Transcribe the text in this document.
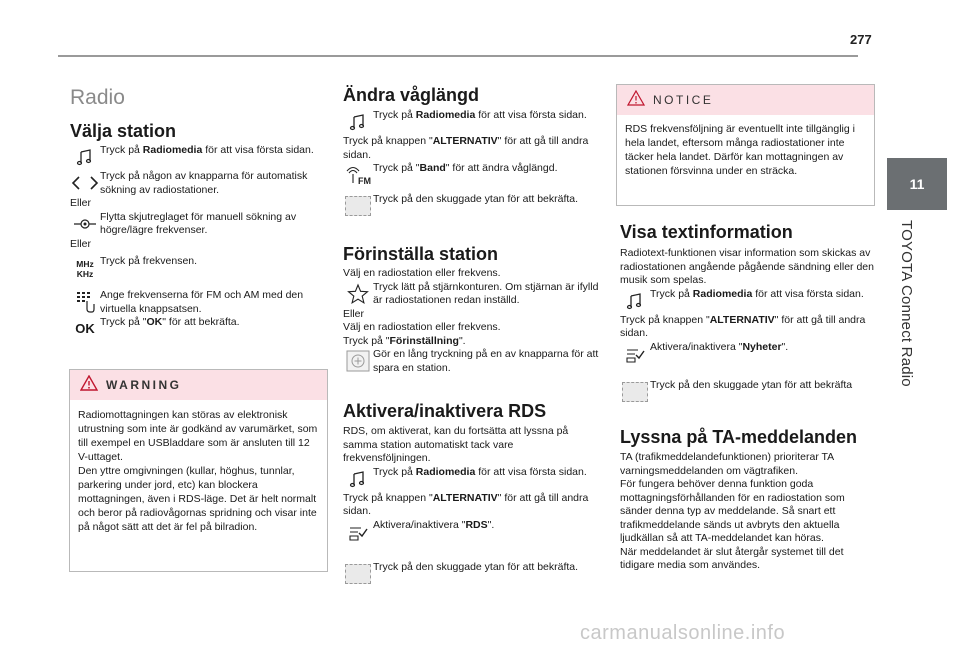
277
11
TOYOTA Connect Radio
Radio
Välja station
Tryck på Radiomedia för att visa första sidan.
Tryck på någon av knapparna för automatisk sökning av radiostationer.
Eller
Flytta skjutreglaget för manuell sökning av högre/lägre frekvenser.
Eller
MHz
KHz
Tryck på frekvensen.
Ange frekvenserna för FM och AM med den virtuella knappsatsen.
OK Tryck på "OK" för att bekräfta.
WARNING
Radiomottagningen kan störas av elektronisk utrustning som inte är godkänd av varumärket, som till exempel en USBladdare som är ansluten till 12 V-uttaget.
Den yttre omgivningen (kullar, höghus, tunnlar, parkering under jord, etc) kan blockera mottagningen, även i RDS-läge. Det är helt normalt och beror på radiovågornas spridning och visar inte på något sätt att det är fel på bilradion.
Ändra våglängd
Tryck på Radiomedia för att visa första sidan.
Tryck på knappen "ALTERNATIV" för att gå till andra sidan.
FM
Tryck på "Band" för att ändra våglängd.
Tryck på den skuggade ytan för att bekräfta.
Förinställa station
Välj en radiostation eller frekvens.
Tryck lätt på stjärnkonturen. Om stjärnan är ifylld är radiostationen redan inställd.
Eller
Välj en radiostation eller frekvens.
Tryck på "Förinställning".
Gör en lång tryckning på en av knapparna för att spara en station.
Aktivera/inaktivera RDS
RDS, om aktiverat, kan du fortsätta att lyssna på samma station automatiskt tack vare frekvensföljningen.
Tryck på Radiomedia för att visa första sidan.
Tryck på knappen "ALTERNATIV" för att gå till andra sidan.
Aktivera/inaktivera "RDS".
Tryck på den skuggade ytan för att bekräfta.
NOTICE
RDS frekvensföljning är eventuellt inte tillgänglig i hela landet, eftersom många radiostationer inte täcker hela landet. Därför kan mottagningen av stationen försvinna under en sträcka.
Visa textinformation
Radiotext-funktionen visar information som skickas av radiostationen angående pågående sändning eller den musik som spelas.
Tryck på Radiomedia för att visa första sidan.
Tryck på knappen "ALTERNATIV" för att gå till andra sidan.
Aktivera/inaktivera "Nyheter".
Tryck på den skuggade ytan för att bekräfta
Lyssna på TA-meddelanden
TA (trafikmeddelandefunktionen) prioriterar TA varningsmeddelanden om vägtrafiken.
För fungera behöver denna funktion goda mottagningsförhållanden för en radiostation som sänder denna typ av meddelande. Så snart ett trafikmeddelande sänds ut avbryts den aktuella ljudkällan så att TA-meddelandet kan höras.
När meddelandet är slut återgår systemet till det tidigare media som användes.
carmanualsonline.info
